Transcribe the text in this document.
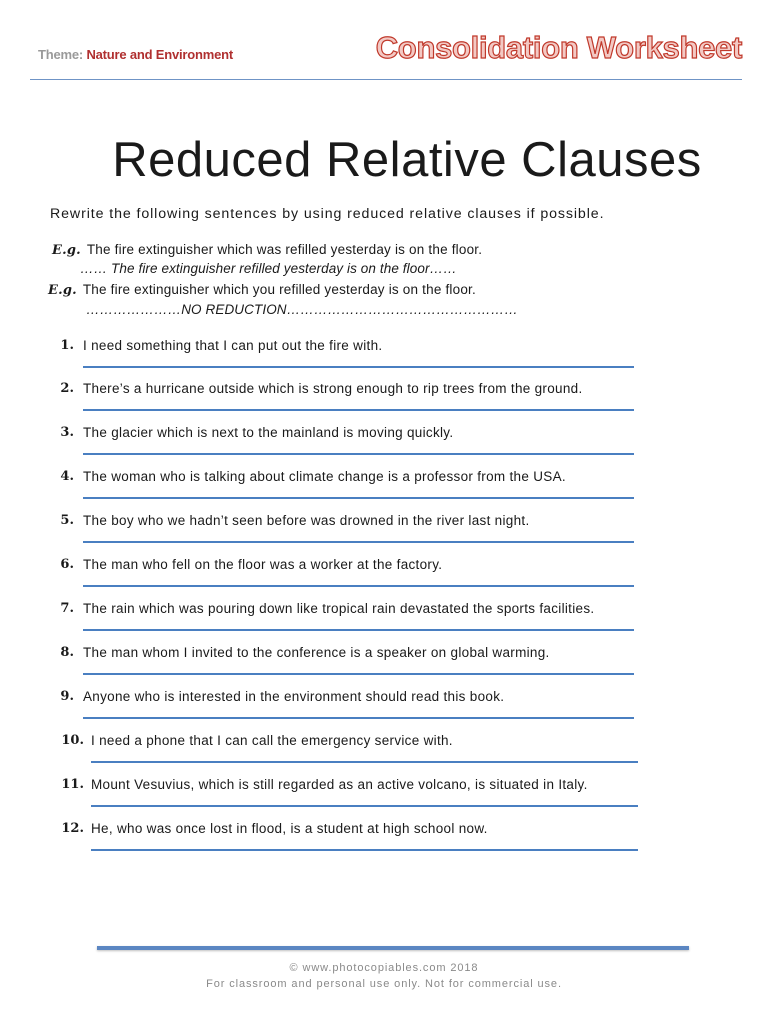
Theme: Nature and Environment	Consolidation Worksheet
Reduced Relative Clauses
Rewrite the following sentences by using reduced relative clauses if possible.
E.g. The fire extinguisher which was refilled yesterday is on the floor.
…… The fire extinguisher refilled yesterday is on the floor……
E.g. The fire extinguisher which you refilled yesterday is on the floor.
…………………NO REDUCTION……………………………………………
1. I need something that I can put out the fire with.
2. There’s a hurricane outside which is strong enough to rip trees from the ground.
3. The glacier which is next to the mainland is moving quickly.
4. The woman who is talking about climate change is a professor from the USA.
5. The boy who we hadn’t seen before was drowned in the river last night.
6. The man who fell on the floor was a worker at the factory.
7. The rain which was pouring down like tropical rain devastated the sports facilities.
8. The man whom I invited to the conference is a speaker on global warming.
9. Anyone who is interested in the environment should read this book.
10. I need a phone that I can call the emergency service with.
11. Mount Vesuvius, which is still regarded as an active volcano, is situated in Italy.
12. He, who was once lost in flood, is a student at high school now.
© www.photocopiables.com 2018
For classroom and personal use only. Not for commercial use.
